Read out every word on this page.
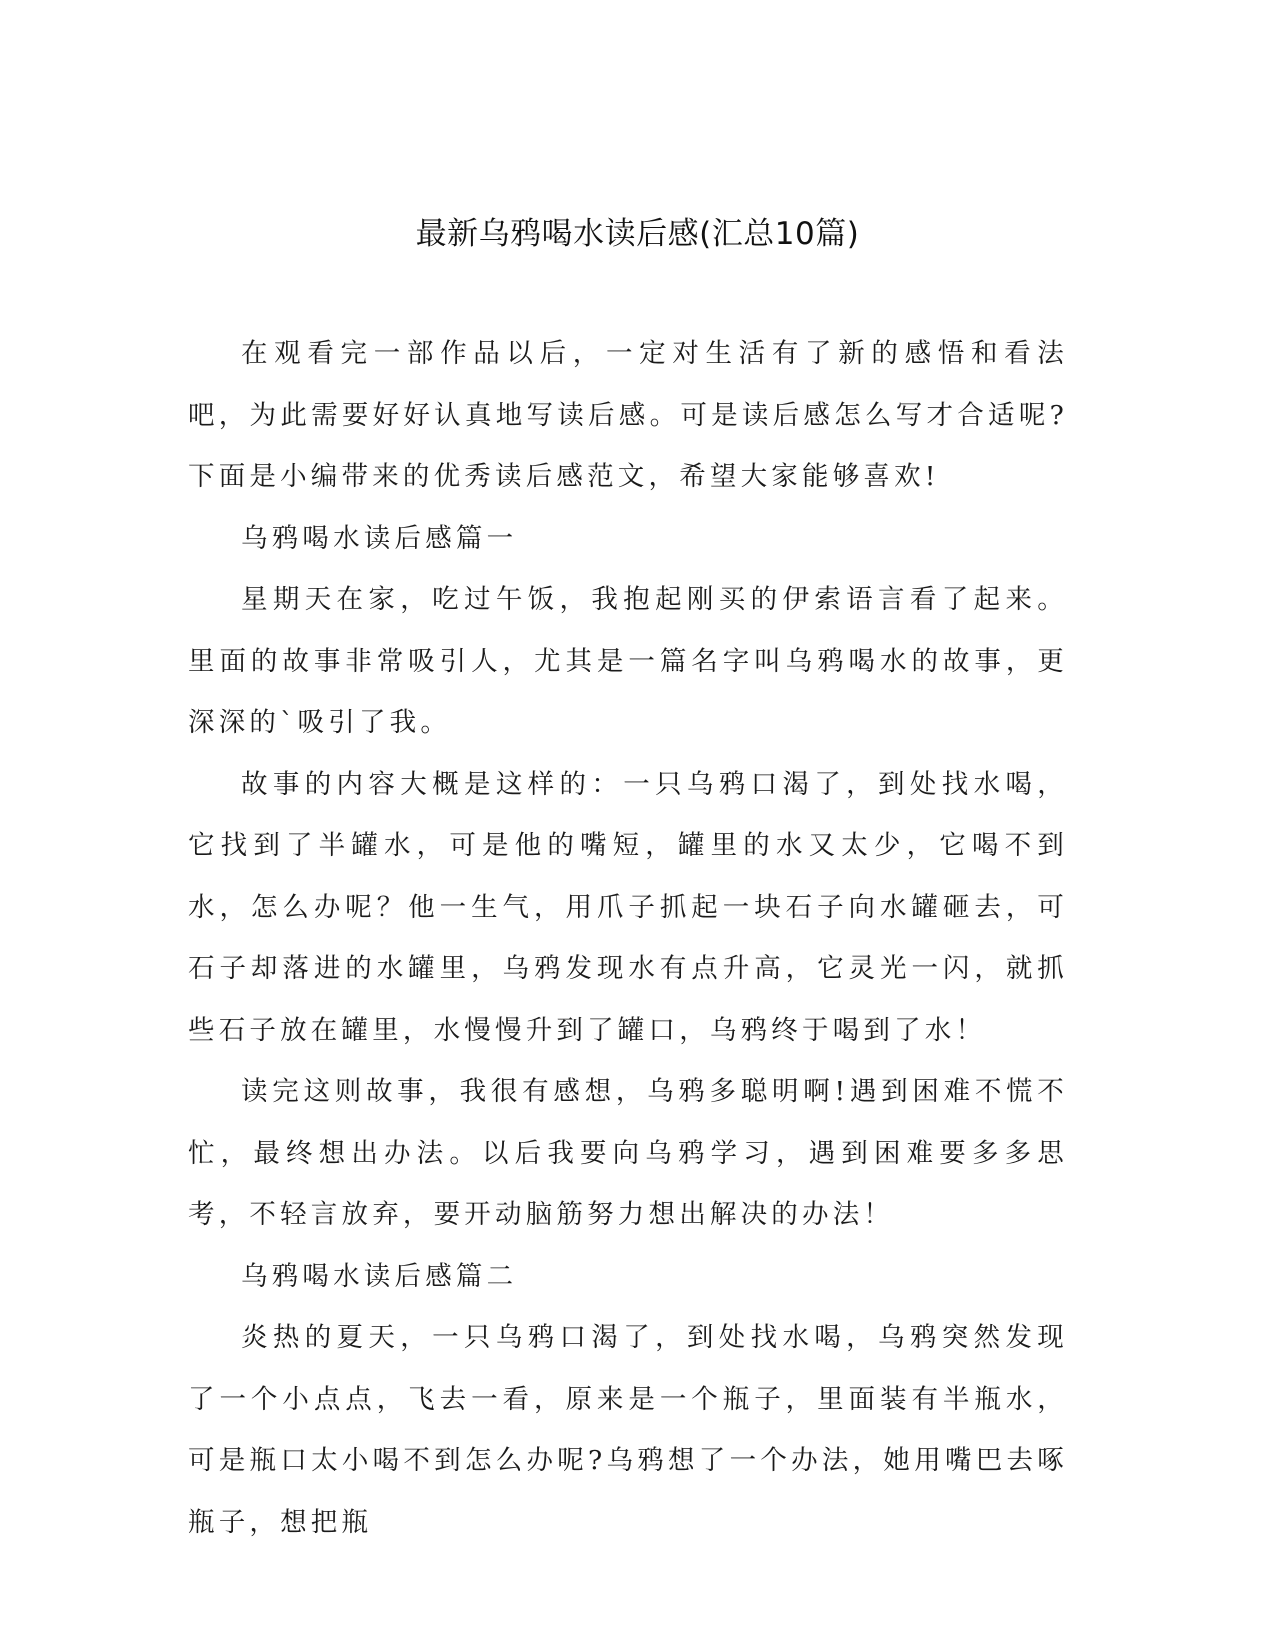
最新乌鸦喝水读后感(汇总10篇)

在观看完一部作品以后，一定对生活有了新的感悟和看法吧，为此需要好好认真地写读后感。可是读后感怎么写才合适呢?下面是小编带来的优秀读后感范文，希望大家能够喜欢!

乌鸦喝水读后感篇一

星期天在家，吃过午饭，我抱起刚买的伊索语言看了起来。里面的故事非常吸引人，尤其是一篇名字叫乌鸦喝水的故事，更深深的`吸引了我。

故事的内容大概是这样的：一只乌鸦口渴了，到处找水喝，它找到了半罐水，可是他的嘴短，罐里的水又太少，它喝不到水，怎么办呢？他一生气，用爪子抓起一块石子向水罐砸去，可石子却落进的水罐里，乌鸦发现水有点升高，它灵光一闪，就抓些石子放在罐里，水慢慢升到了罐口，乌鸦终于喝到了水！

读完这则故事，我很有感想，乌鸦多聪明啊!遇到困难不慌不忙，最终想出办法。以后我要向乌鸦学习，遇到困难要多多思考，不轻言放弃，要开动脑筋努力想出解决的办法！

乌鸦喝水读后感篇二

炎热的夏天，一只乌鸦口渴了，到处找水喝，乌鸦突然发现了一个小点点，飞去一看，原来是一个瓶子，里面装有半瓶水，可是瓶口太小喝不到怎么办呢?乌鸦想了一个办法，她用嘴巴去啄瓶子，想把瓶
